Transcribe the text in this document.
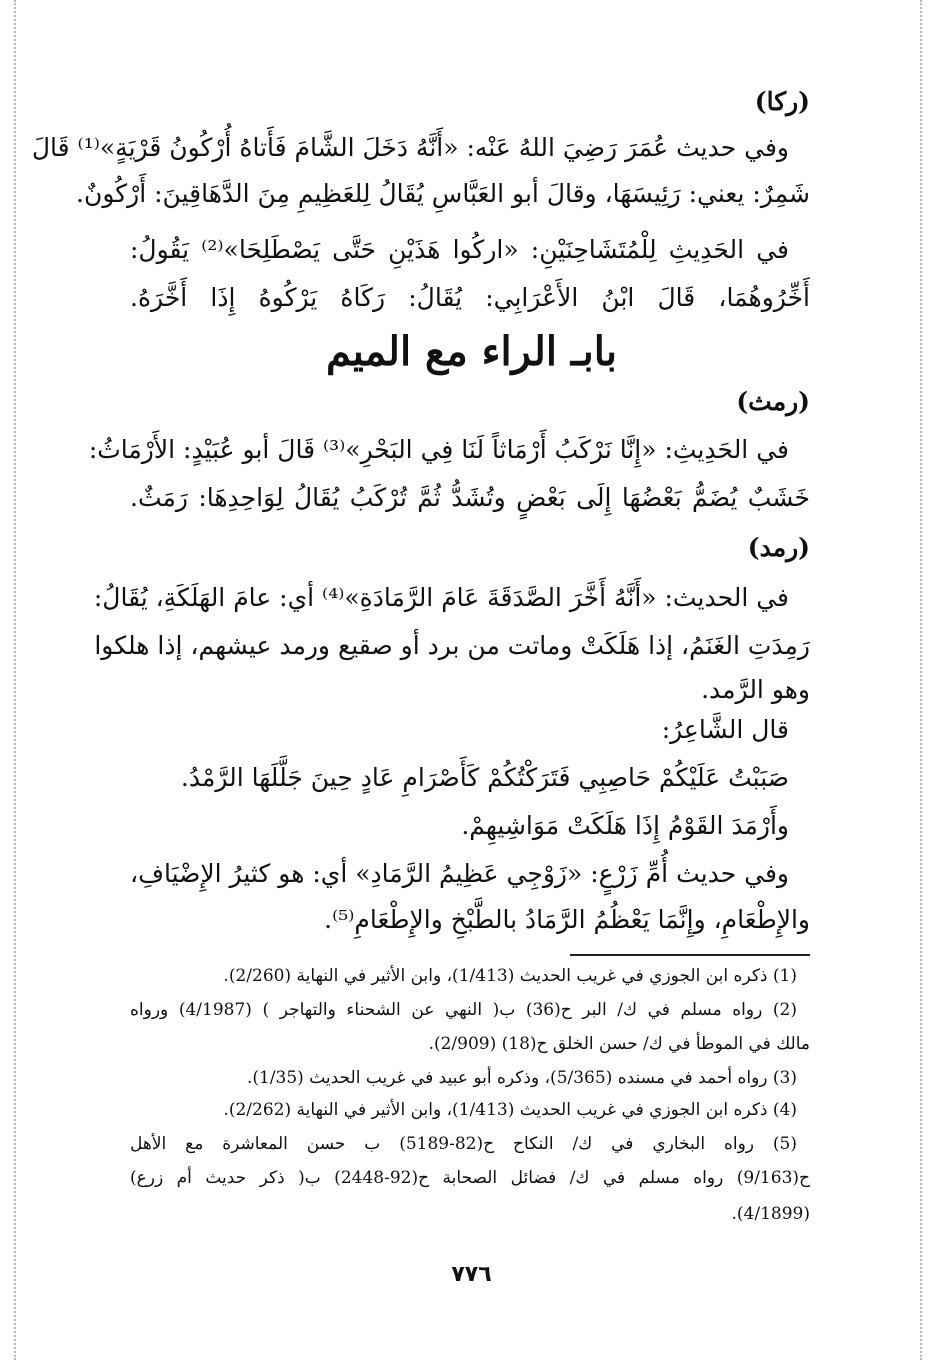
(ركا)
وفي حديث عُمَرَ رَضِيَ اللهُ عَنْه: «أَنَّهُ دَخَلَ الشَّامَ فَأَتاهُ أُرْكُونُ قَرْيَةٍ»⁽¹⁾ قَالَ
شَمِرٌ: يعني: رَئِيسَهَا، وقالَ أبو العَبَّاسِ يُقَالُ لِلعَظِيمِ مِنَ الدَّهَاقِينَ: أَرْكُونٌ.
في الحَدِيثِ لِلْمُتَشَاحِنَيْنِ: «اركُوا هَذَيْنِ حَتَّى يَصْطَلِحَا»⁽²⁾ يَقُولُ:
أَخِّرُوهُمَا، قَالَ ابْنُ الأَعْرَابِي: يُقَالُ: رَكَاهُ يَرْكُوهُ إِذَا أَخَّرَهُ.
بابـ الراء مع الميم
(رمث)
في الحَدِيثِ: «إِنَّا نَرْكَبُ أَرْمَاثاً لَنَا فِي البَحْرِ»⁽³⁾ قَالَ أبو عُبَيْدٍ: الأَرْمَاثُ:
خَشَبٌ يُضَمُّ بَعْضُهَا إِلَى بَعْضٍ وتُشَدُّ ثُمَّ تُرْكَبُ يُقَالُ لِوَاحِدِهَا: رَمَثٌ.
(رمد)
في الحديث: «أَنَّهُ أَخَّرَ الصَّدَقَةَ عَامَ الرَّمَادَةِ»⁽⁴⁾ أي: عامَ الهَلَكَةِ، يُقَالُ:
رَمِدَتِ الغَنَمُ، إذا هَلَكَتْ وماتت من برد أو صقيع ورمد عيشهم، إذا هلكوا
وهو الرَّمد.
قال الشَّاعِرُ:
صَبَبْتُ عَلَيْكُمْ حَاصِبِي فَتَرَكْتُكُمْ كَأَصْرَامِ عَادٍ حِينَ جَلَّلَهَا الرَّمْدُ.
وأَرْمَدَ القَوْمُ إِذَا هَلَكَتْ مَوَاشِيهِمْ.
وفي حديث أُمِّ زَرْعٍ: «زَوْجِي عَظِيمُ الرَّمَادِ» أي: هو كثيرُ الإِضْيَافِ،
والإِطْعَامِ، وإِنَّمَا يَعْظُمُ الرَّمَادُ بالطَّبْخِ والإِطْعَامِ⁽⁵⁾.
(1) ذكره ابن الجوزي في غريب الحديث (1/413)، وابن الأثير في النهاية (2/260).
(2) رواه مسلم في ك/ البر ح(36) ب( النهي عن الشحناء والتهاجر ) (4/1987) ورواه
مالك في الموطأ في ك/ حسن الخلق ح(18) (2/909).
(3) رواه أحمد في مسنده (5/365)، وذكره أبو عبيد في غريب الحديث (1/35).
(4) ذكره ابن الجوزي في غريب الحديث (1/413)، وابن الأثير في النهاية (2/262).
(5) رواه البخاري في ك/ النكاح ح(82-5189) ب حسن المعاشرة مع الأهل
ح(9/163) رواه مسلم في ك/ فضائل الصحابة ح(92-2448) ب( ذكر حديث أم زرع)
(4/1899).
٧٧٦
